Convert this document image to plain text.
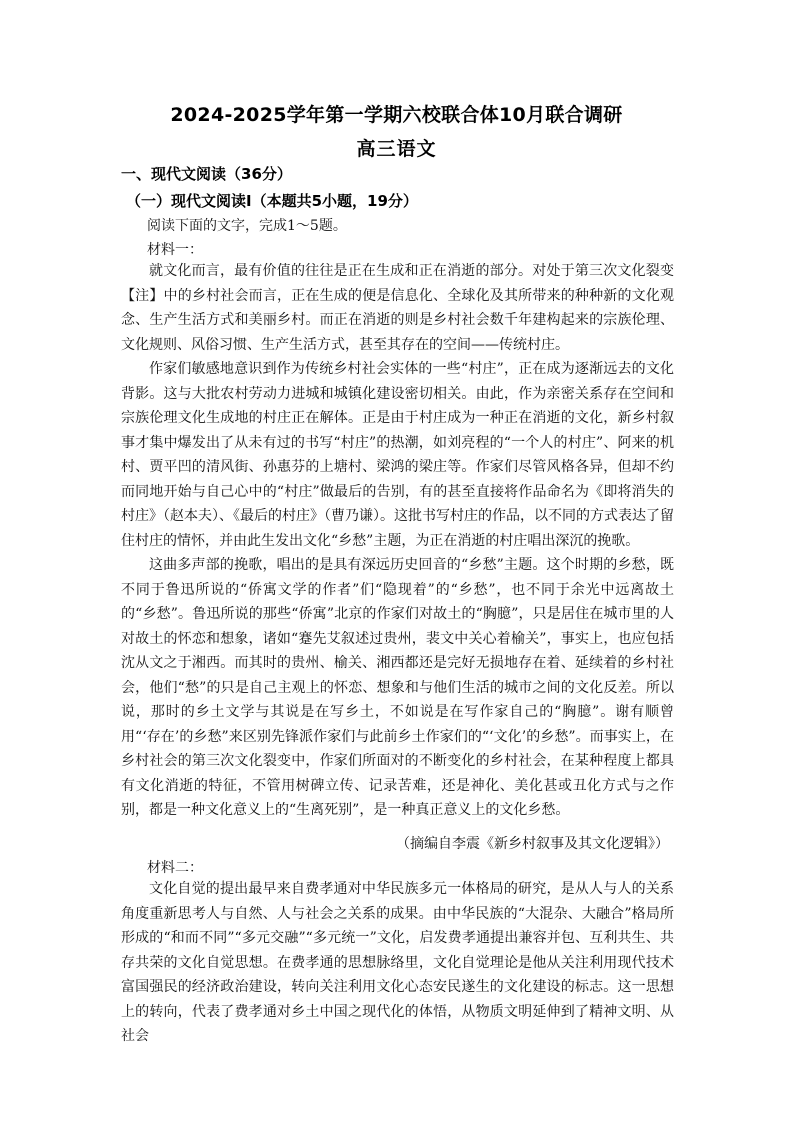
2024-2025学年第一学期六校联合体10月联合调研
高三语文
一、现代文阅读（36分）
（一）现代文阅读Ⅰ（本题共5小题，19分）
阅读下面的文字，完成1～5题。
材料一：

就文化而言，最有价值的往往是正在生成和正在消逝的部分。对处于第三次文化裂变【注】中的乡村社会而言，正在生成的便是信息化、全球化及其所带来的种种新的文化观念、生产生活方式和美丽乡村。而正在消逝的则是乡村社会数千年建构起来的宗族伦理、文化规则、风俗习惯、生产生活方式，甚至其存在的空间——传统村庄。

作家们敏感地意识到作为传统乡村社会实体的一些“村庄”，正在成为逐渐远去的文化背影。这与大批农村劳动力进城和城镇化建设密切相关。由此，作为亲密关系存在空间和宗族伦理文化生成地的村庄正在解体。正是由于村庄成为一种正在消逝的文化，新乡村叙事才集中爆发出了从未有过的书写“村庄”的热潮，如刘亮程的“一个人的村庄”、阿来的机村、贾平凹的清风街、孙惠芬的上塘村、梁鸿的梁庄等。作家们尽管风格各异，但却不约而同地开始与自己心中的“村庄”做最后的告别，有的甚至直接将作品命名为《即将消失的村庄》（赵本夫）、《最后的村庄》（曹乃谦）。这批书写村庄的作品，以不同的方式表达了留住村庄的情怀，并由此生发出文化“乡愁”主题，为正在消逝的村庄唱出深沉的挽歌。

这曲多声部的挽歌，唱出的是具有深远历史回音的“乡愁”主题。这个时期的乡愁，既不同于鲁迅所说的“侨寓文学的作者”们“隐现着”的“乡愁”，也不同于余光中远离故土的“乡愁”。鲁迅所说的那些“侨寓”北京的作家们对故土的“胸臆”，只是居住在城市里的人对故土的怀恋和想象，诸如“蹇先艾叙述过贵州，裴文中关心着榆关”，事实上，也应包括沈从文之于湘西。而其时的贵州、榆关、湘西都还是完好无损地存在着、延续着的乡村社会，他们“愁”的只是自己主观上的怀恋、想象和与他们生活的城市之间的文化反差。所以说，那时的乡土文学与其说是在写乡土，不如说是在写作家自己的“胸臆”。谢有顺曾用“‘存在’的乡愁”来区别先锋派作家们与此前乡土作家们的“‘文化’的乡愁”。而事实上，在乡村社会的第三次文化裂变中，作家们所面对的不断变化的乡村社会，在某种程度上都具有文化消逝的特征，不管用树碑立传、记录苦难，还是神化、美化甚或丑化方式与之作别，都是一种文化意义上的“生离死别”，是一种真正意义上的文化乡愁。

（摘编自李震《新乡村叙事及其文化逻辑》）
材料二：

文化自觉的提出最早来自费孝通对中华民族多元一体格局的研究，是从人与人的关系角度重新思考人与自然、人与社会之关系的成果。由中华民族的“大混杂、大融合”格局所形成的“和而不同”“多元交融”“多元统一”文化，启发费孝通提出兼容并包、互利共生、共存共荣的文化自觉思想。在费孝通的思想脉络里，文化自觉理论是他从关注利用现代技术富国强民的经济政治建设，转向关注利用文化心态安民遂生的文化建设的标志。这一思想上的转向，代表了费孝通对乡土中国之现代化的体悟，从物质文明延伸到了精神文明、从社会
